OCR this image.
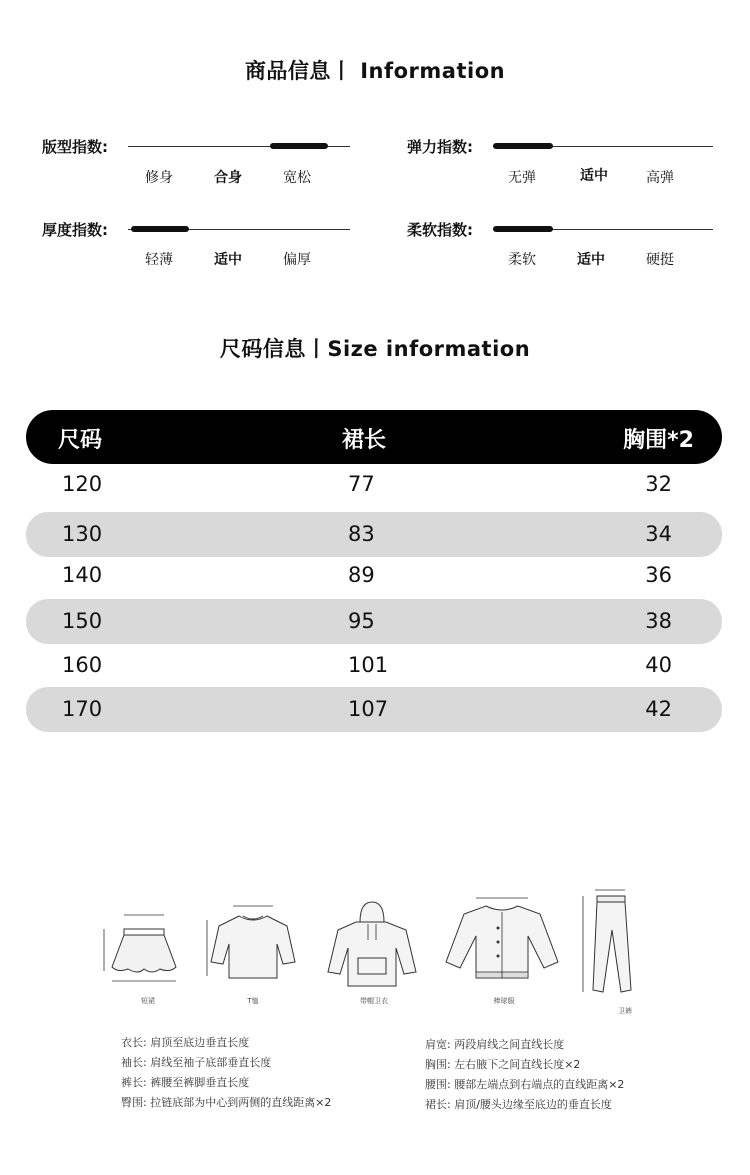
商品信息丨 Information
版型指数:
修身	合身	宽松
弹力指数:
无弹	适中	高弹
厚度指数:
轻薄	适中	偏厚
柔软指数:
柔软	适中	硬挺
尺码信息丨Size information
尺码	裙长	胸围*2
120	77	32
130	83	34
140	89	36
150	95	38
160	101	40
170	107	42
短裙	T恤	带帽卫衣	棒球服
卫裤
衣长: 肩顶至底边垂直长度
袖长: 肩线至袖子底部垂直长度
裤长: 裤腰至裤脚垂直长度
臀围: 拉链底部为中心到两侧的直线距离×2
肩宽: 两段肩线之间直线长度
胸围: 左右腋下之间直线长度×2
腰围: 腰部左端点到右端点的直线距离×2
裙长: 肩顶/腰头边缘至底边的垂直长度
